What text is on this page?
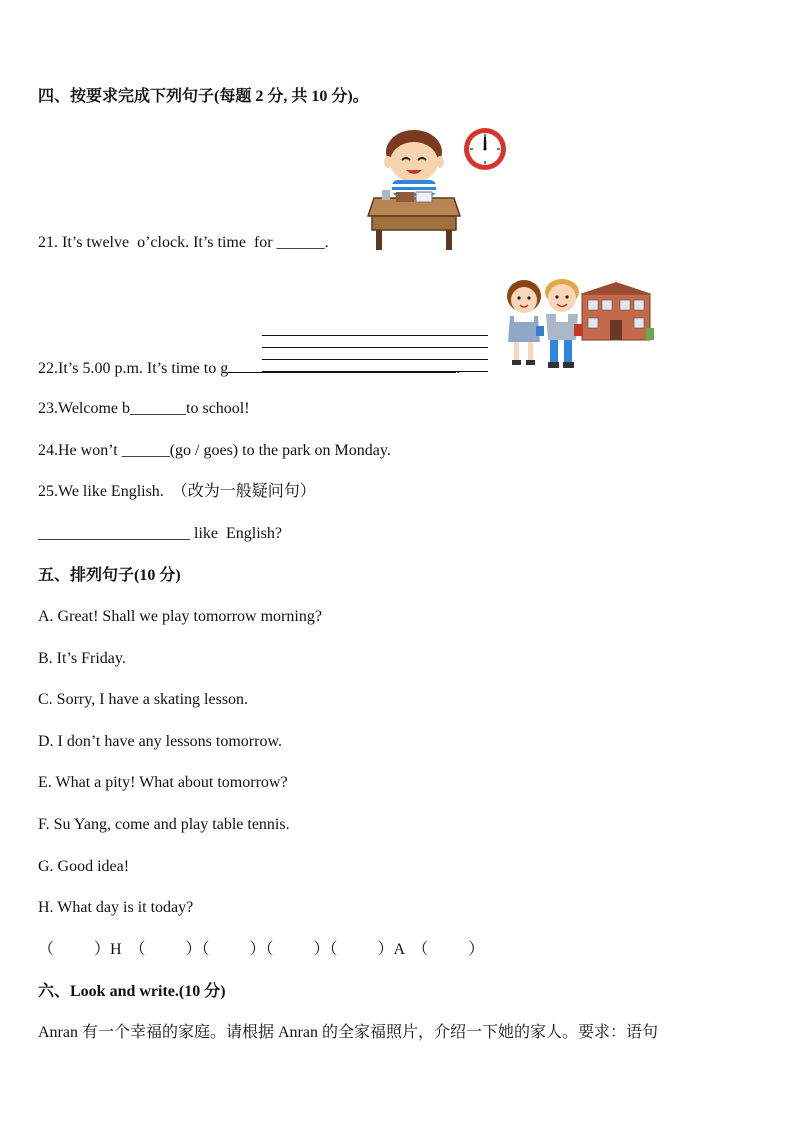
四、按要求完成下列句子(每题 2 分, 共 10 分)。
21. It’s twelve  o’clock. It’s time  for ______.
22.It’s 5.00 p.m. It’s time to g	.
23.Welcome b_______to school!
24.He won’t ______(go / goes) to the park on Monday.
25.We like English.  （改为一般疑问句）
___________________ like  English?
五、排列句子(10 分)
A. Great! Shall we play tomorrow morning?
B. It’s Friday.
C. Sorry, I have a skating lesson.
D. I don’t have any lessons tomorrow.
E. What a pity! What about tomorrow?
F. Su Yang, come and play table tennis.
G. Good idea!
H. What day is it today?
（          ）H  （          ）（          ）（          ）（          ）A  （          ）
六、Look and write.(10 分)
Anran 有一个幸福的家庭。请根据 Anran 的全家福照片，介绍一下她的家人。要求：语句
